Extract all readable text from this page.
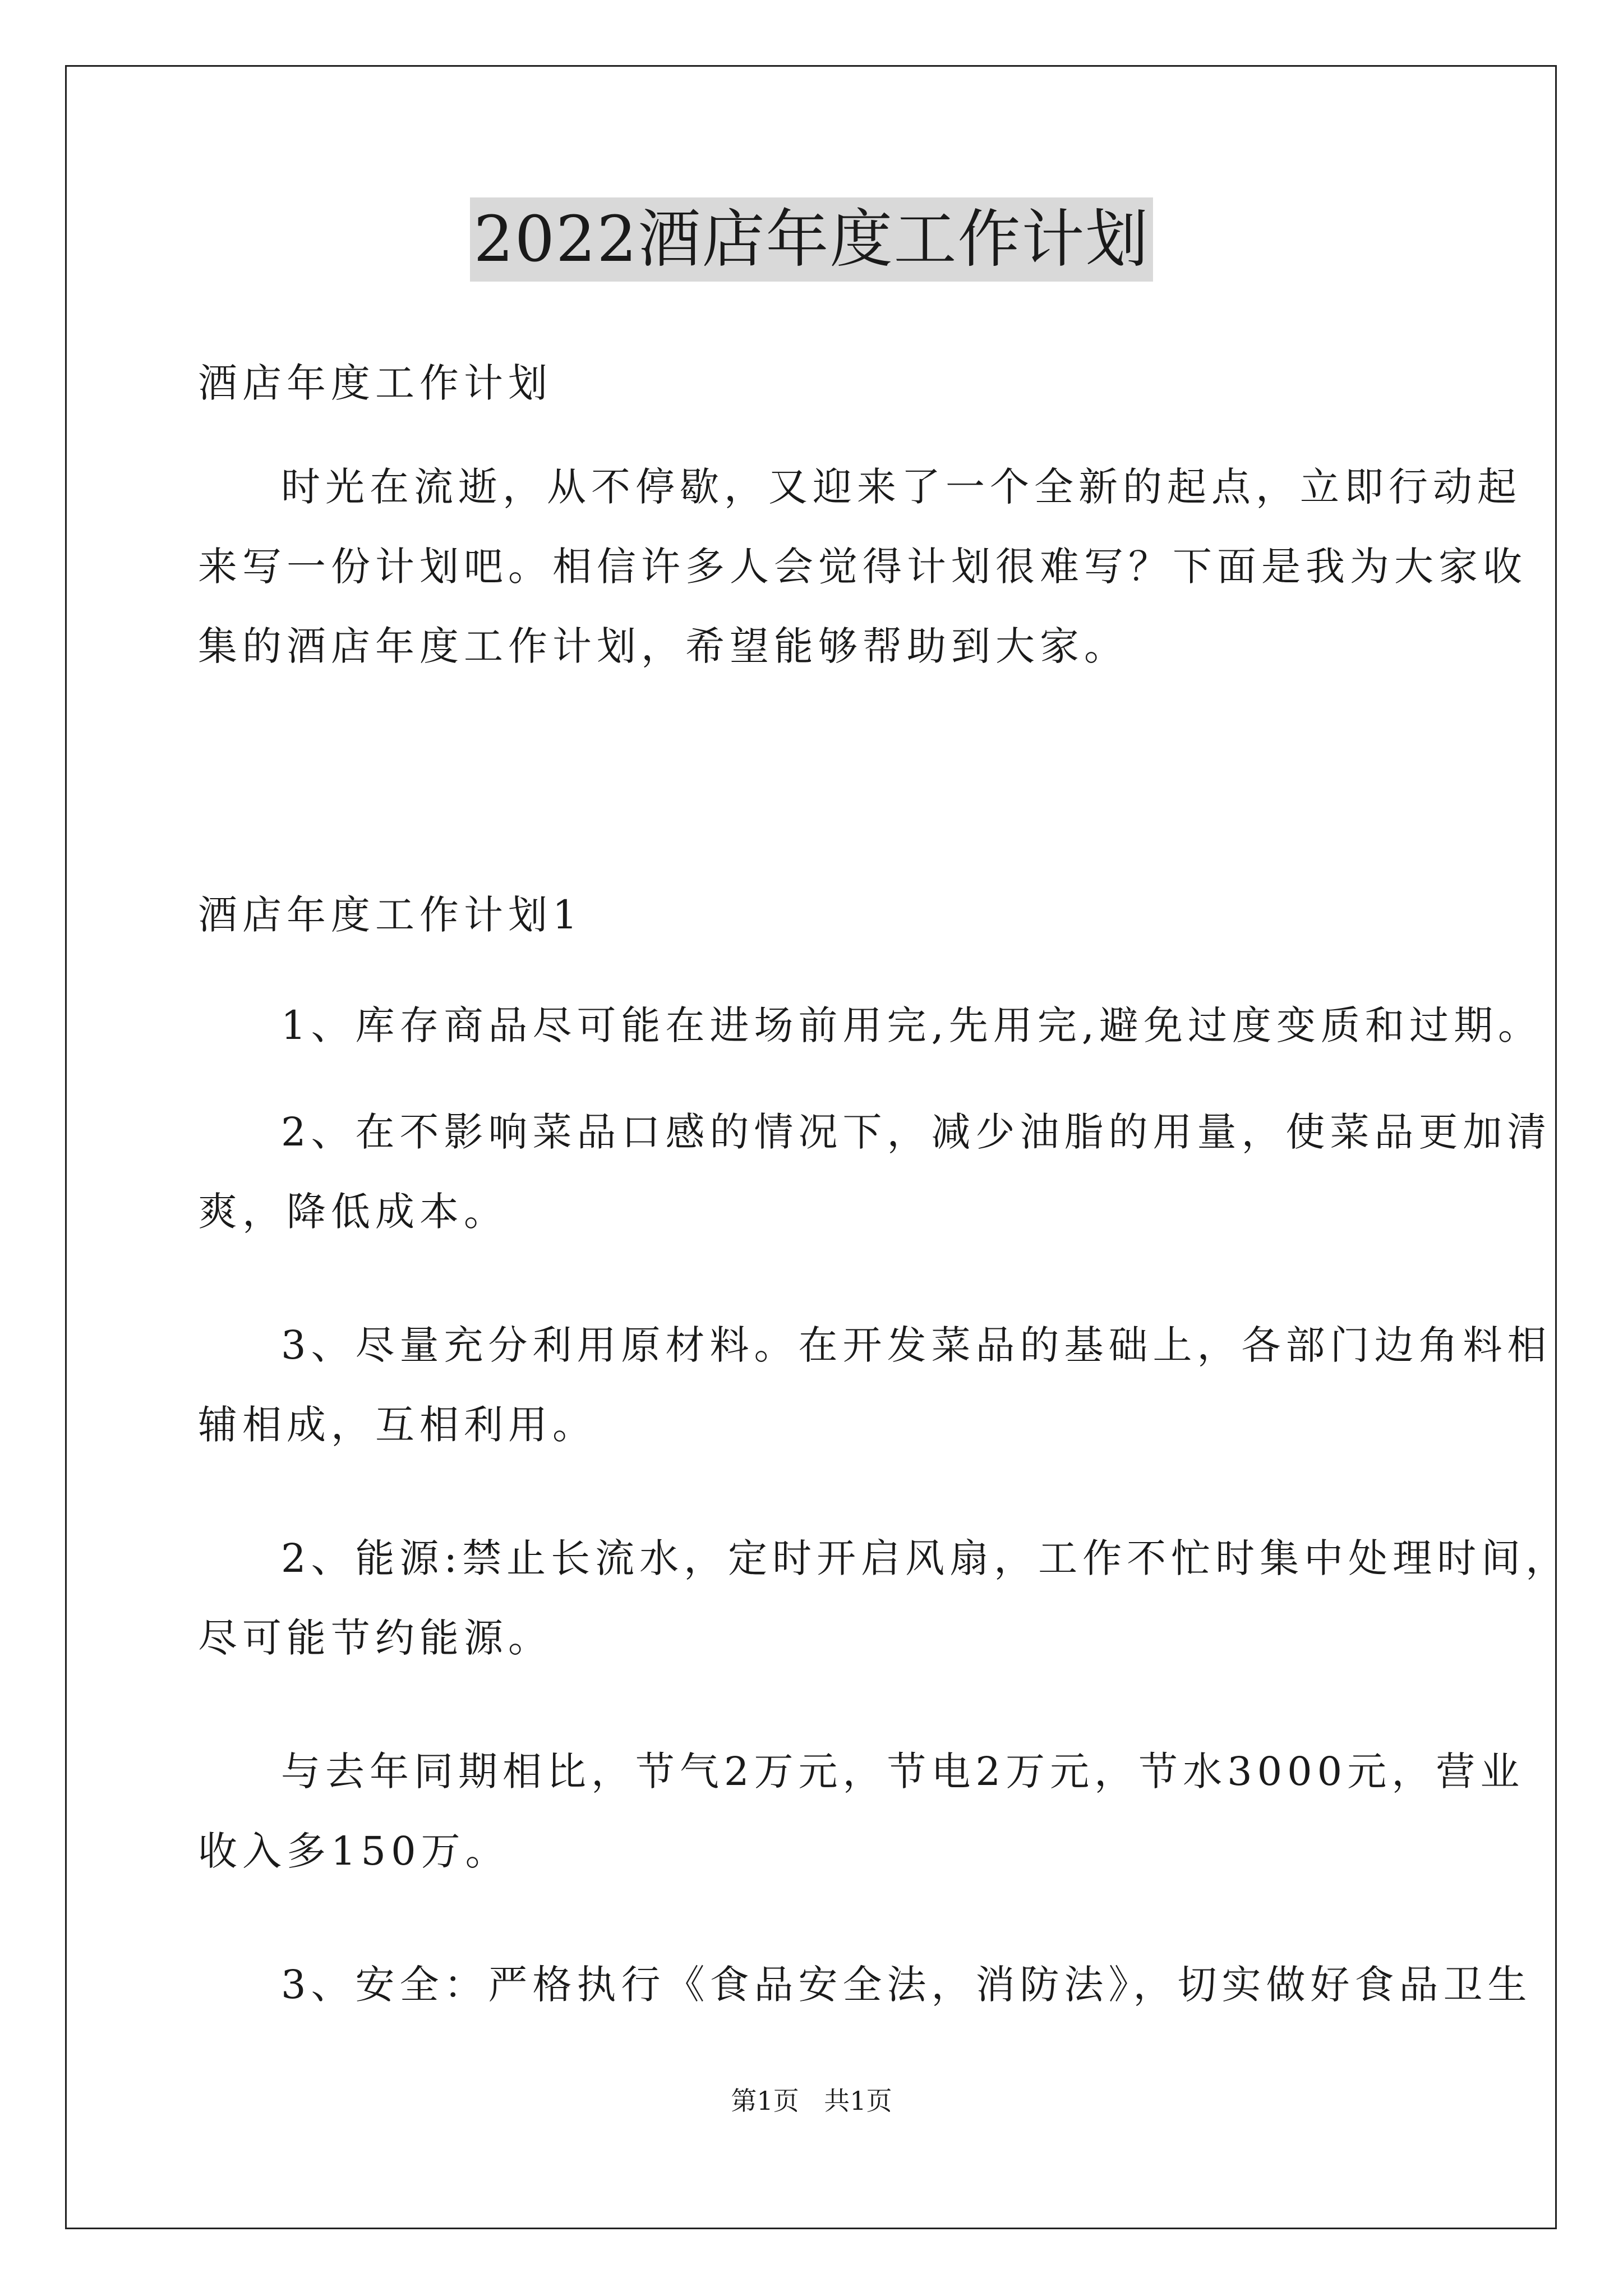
2022酒店年度工作计划
酒店年度工作计划
时光在流逝，从不停歇，又迎来了一个全新的起点，立即行动起
来写一份计划吧。相信许多人会觉得计划很难写？下面是我为大家收
集的酒店年度工作计划，希望能够帮助到大家。
酒店年度工作计划1
1、库存商品尽可能在进场前用完,先用完,避免过度变质和过期。
2、在不影响菜品口感的情况下，减少油脂的用量，使菜品更加清
爽，降低成本。
3、尽量充分利用原材料。在开发菜品的基础上，各部门边角料相
辅相成，互相利用。
2、能源:禁止长流水，定时开启风扇，工作不忙时集中处理时间，
尽可能节约能源。
与去年同期相比，节气2万元，节电2万元，节水3000元，营业
收入多150万。
3、安全：严格执行《食品安全法，消防法》，切实做好食品卫生
第1页 共1页
